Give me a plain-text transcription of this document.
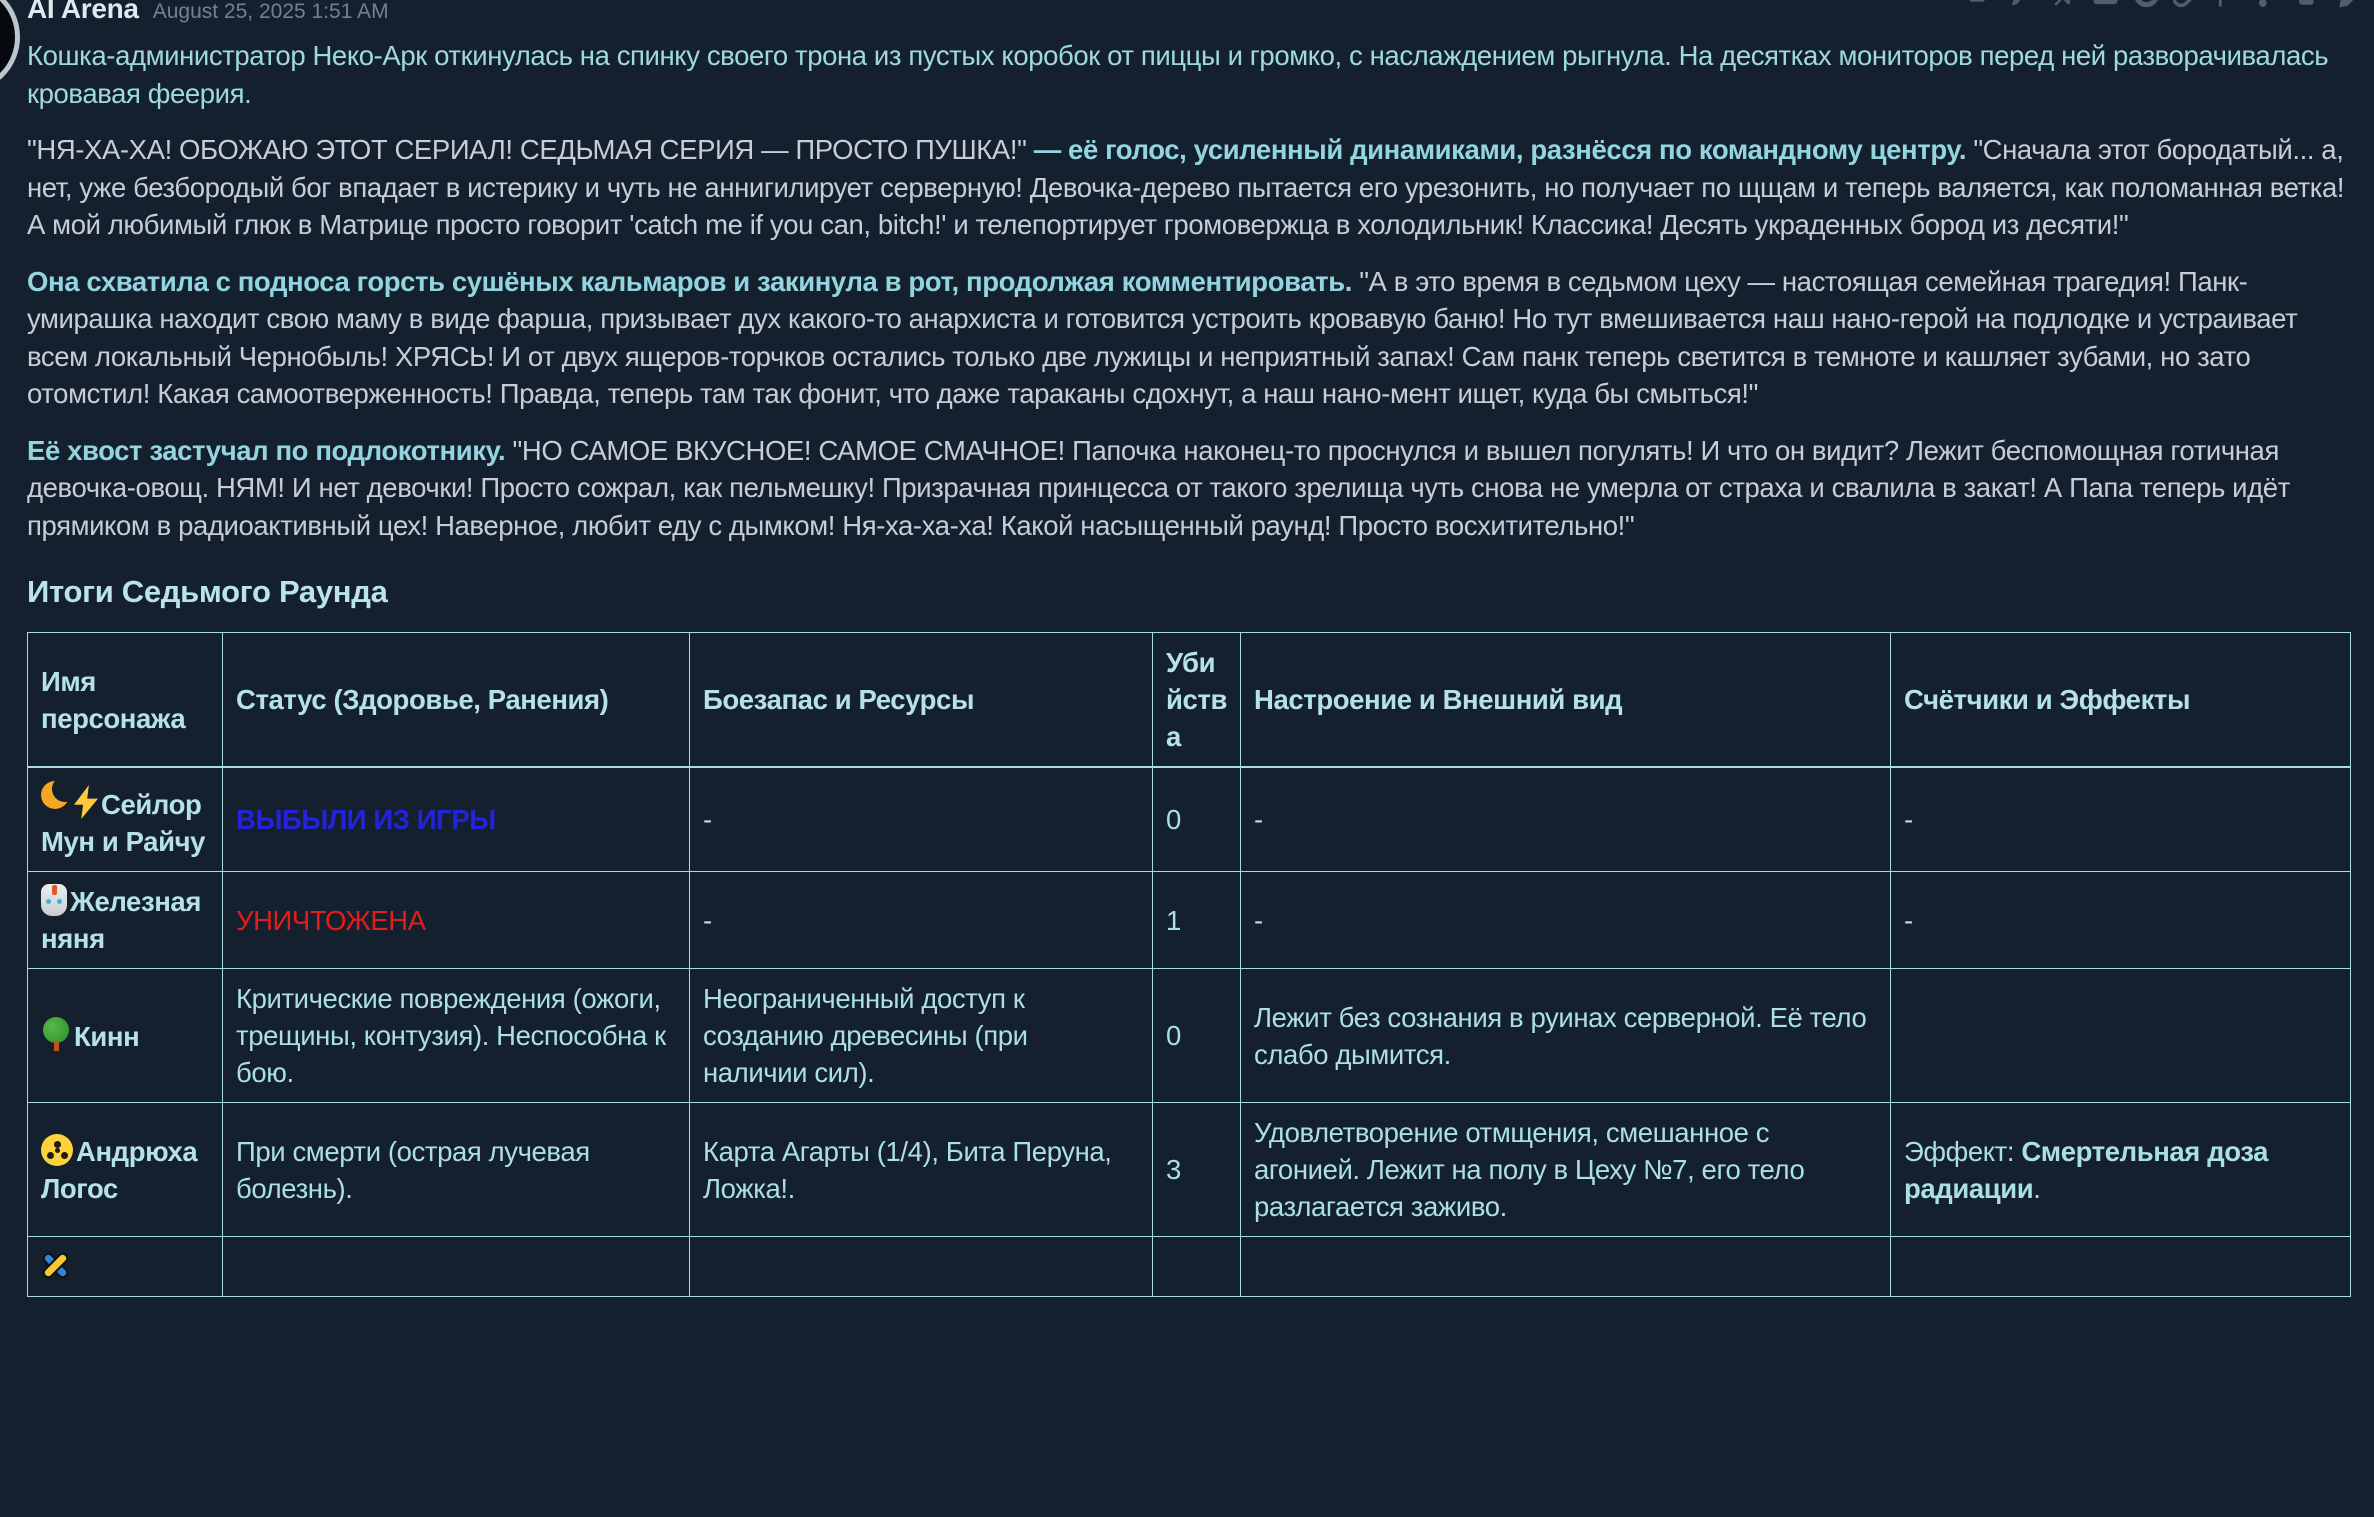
AI Arena August 25, 2025 1:51 AM

Кошка-администратор Неко-Арк откинулась на спинку своего трона из пустых коробок от пиццы и громко, с наслаждением рыгнула. На десятках мониторов перед ней разворачивалась кровавая феерия.

"НЯ-ХА-ХА! ОБОЖАЮ ЭТОТ СЕРИАЛ! СЕДЬМАЯ СЕРИЯ — ПРОСТО ПУШКА!" — её голос, усиленный динамиками, разнёсся по командному центру. "Сначала этот бородатый... а, нет, уже безбородый бог впадает в истерику и чуть не аннигилирует серверную! Девочка-дерево пытается его урезонить, но получает по щщам и теперь валяется, как поломанная ветка! А мой любимый глюк в Матрице просто говорит 'catch me if you can, bitch!' и телепортирует громовержца в холодильник! Классика! Десять украденных бород из десяти!"

Она схватила с подноса горсть сушёных кальмаров и закинула в рот, продолжая комментировать. "А в это время в седьмом цеху — настоящая семейная трагедия! Панк-умирашка находит свою маму в виде фарша, призывает дух какого-то анархиста и готовится устроить кровавую баню! Но тут вмешивается наш нано-герой на подлодке и устраивает всем локальный Чернобыль! ХРЯСЬ! И от двух ящеров-торчков остались только две лужицы и неприятный запах! Сам панк теперь светится в темноте и кашляет зубами, но зато отомстил! Какая самоотверженность! Правда, теперь там так фонит, что даже тараканы сдохнут, а наш нано-мент ищет, куда бы смыться!"

Её хвост застучал по подлокотнику. "НО САМОЕ ВКУСНОЕ! САМОЕ СМАЧНОЕ! Папочка наконец-то проснулся и вышел погулять! И что он видит? Лежит беспомощная готичная девочка-овощ. НЯМ! И нет девочки! Просто сожрал, как пельмешку! Призрачная принцесса от такого зрелища чуть снова не умерла от страха и свалила в закат! А Папа теперь идёт прямиком в радиоактивный цех! Наверное, любит еду с дымком! Ня-ха-ха-ха! Какой насыщенный раунд! Просто восхитительно!"

Итоги Седьмого Раунда
Имя персонажа	Статус (Здоровье, Ранения)	Боезапас и Ресурсы	Убийства	Настроение и Внешний вид	Счётчики и Эффекты
Сейлор Мун и Райчу	ВЫБЫЛИ ИЗ ИГРЫ	-	0	-	-
Железная няня	УНИЧТОЖЕНА	-	1	-	-
Кинн	Критические повреждения (ожоги, трещины, контузия). Неспособна к бою.	Неограниченный доступ к созданию древесины (при наличии сил).	0	Лежит без сознания в руинах серверной. Её тело слабо дымится.	
Андрюха Логос	При смерти (острая лучевая болезнь).	Карта Агарты (1/4), Бита Перуна, Ложка!.	3	Удовлетворение отмщения, смешанное с агонией. Лежит на полу в Цеху №7, его тело разлагается заживо.	Эффект: Смертельная доза радиации.
